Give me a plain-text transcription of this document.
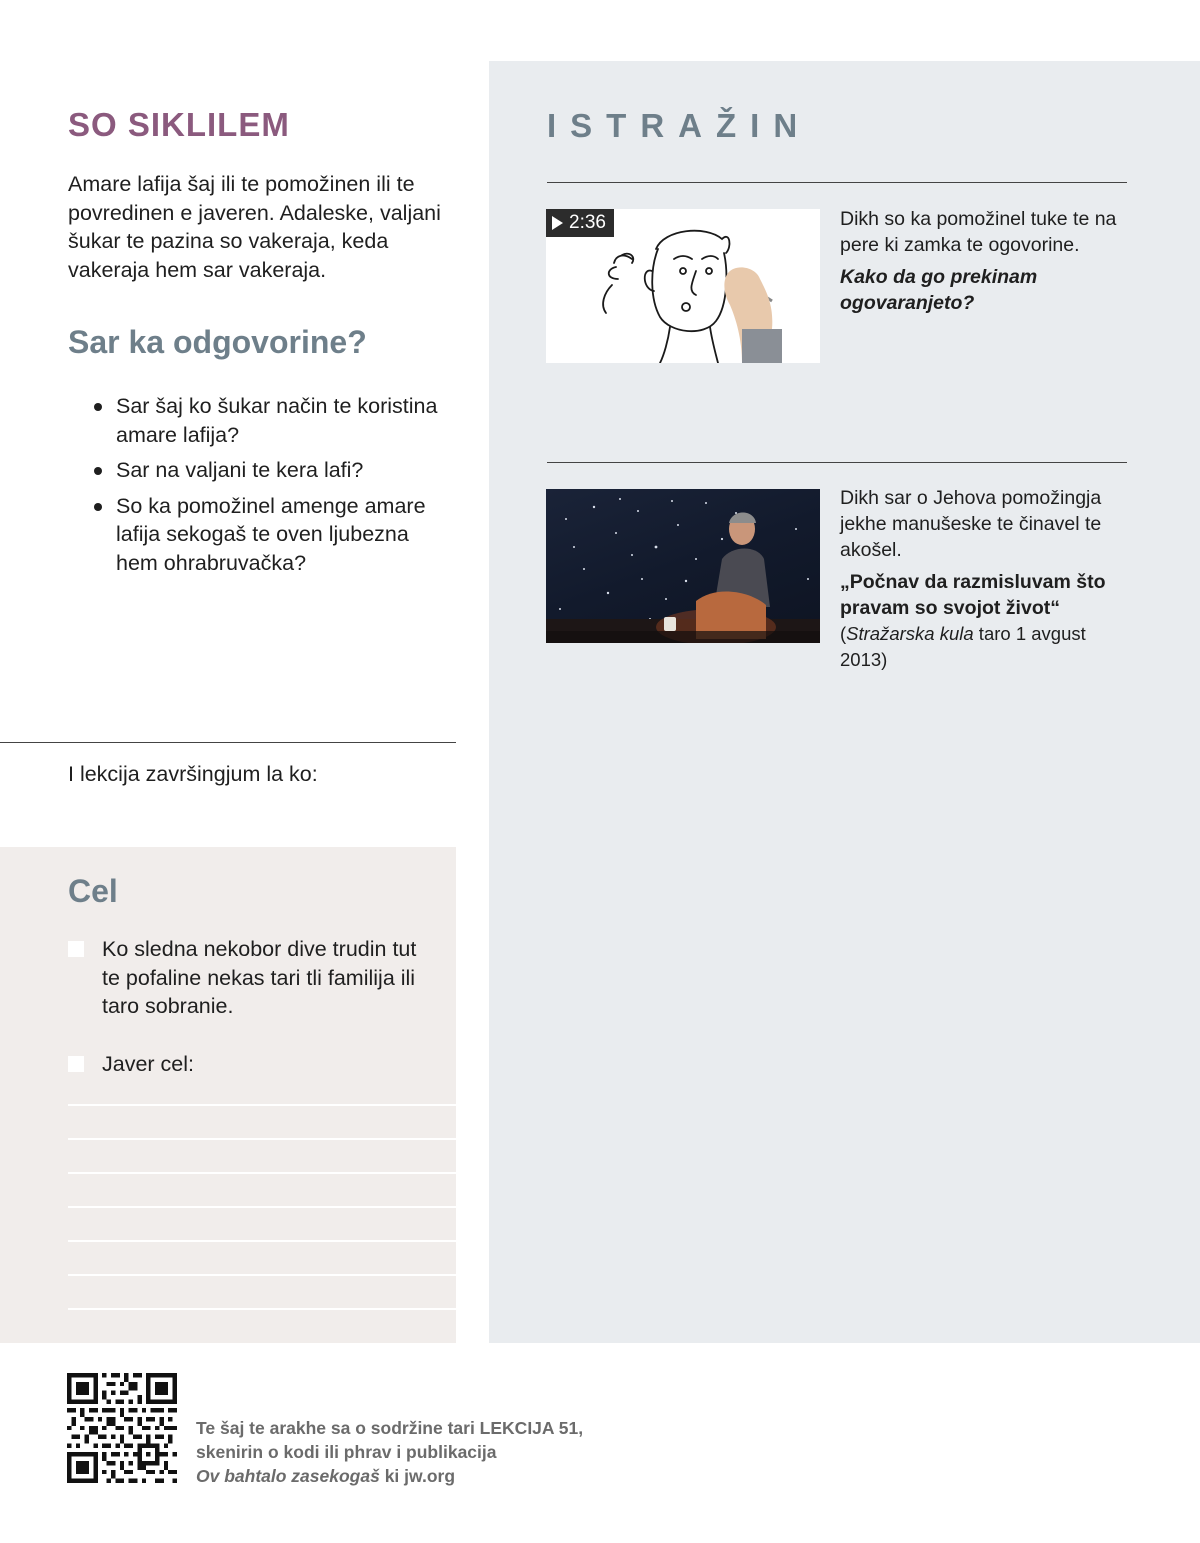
SO SIKLILEM

Amare lafija šaj ili te pomožinen ili te povredinen e javeren. Adaleske, valjani šukar te pazina so vakeraja, keda vakeraja hem sar vakeraja.

Sar ka odgovorine?
Sar šaj ko šukar način te koristina amare lafija?
Sar na valjani te kera lafi?
So ka pomožinel amenge amare lafija sekogaš te oven ljubezna hem ohrabruvačka?

I lekcija završingjum la ko:

Cel
Ko sledna nekobor dive trudin tut te pofaline nekas tari tli familija ili taro sobranie.
Javer cel:
ISTRAŽIN
2:36	Dikh so ka pomožinel tuke te na pere ki zamka te ogovorine.
Kako da go prekinam ogovaranjeto?
Dikh sar o Jehova pomožingja jekhe manušeske te činavel te akošel.
„Počnav da razmisluvam što pravam so svojot život“ (Stražarska kula taro 1 avgust 2013)
Te šaj te arakhe sa o sodržine tari LEKCIJA 51,
skenirin o kodi ili phrav i publikacija
Ov bahtalo zasekogaš ki jw.org
